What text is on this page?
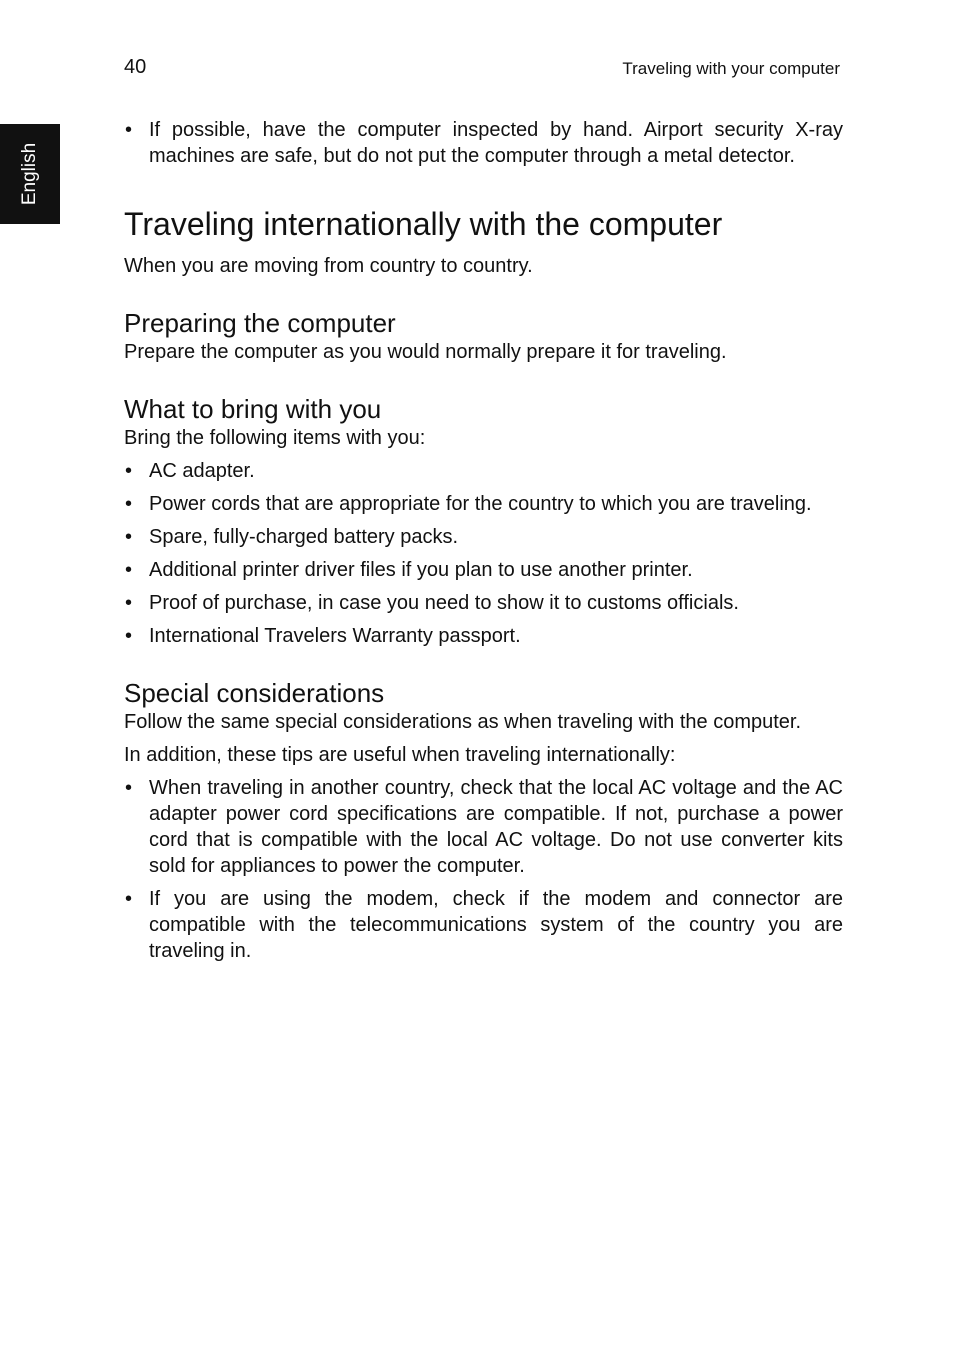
40	Traveling with your computer
English
• If possible, have the computer inspected by hand. Airport security X-ray machines are safe, but do not put the computer through a metal detector.
Traveling internationally with the computer

When you are moving from country to country.

Preparing the computer

Prepare the computer as you would normally prepare it for traveling.

What to bring with you

Bring the following items with you:

• AC adapter.
• Power cords that are appropriate for the country to which you are traveling.
• Spare, fully-charged battery packs.
• Additional printer driver files if you plan to use another printer.
• Proof of purchase, in case you need to show it to customs officials.
• International Travelers Warranty passport.
Special considerations

Follow the same special considerations as when traveling with the computer.

In addition, these tips are useful when traveling internationally:

• When traveling in another country, check that the local AC voltage and the AC adapter power cord specifications are compatible. If not, purchase a power cord that is compatible with the local AC voltage. Do not use converter kits sold for appliances to power the computer.
• If you are using the modem, check if the modem and connector are compatible with the telecommunications system of the country you are traveling in.
